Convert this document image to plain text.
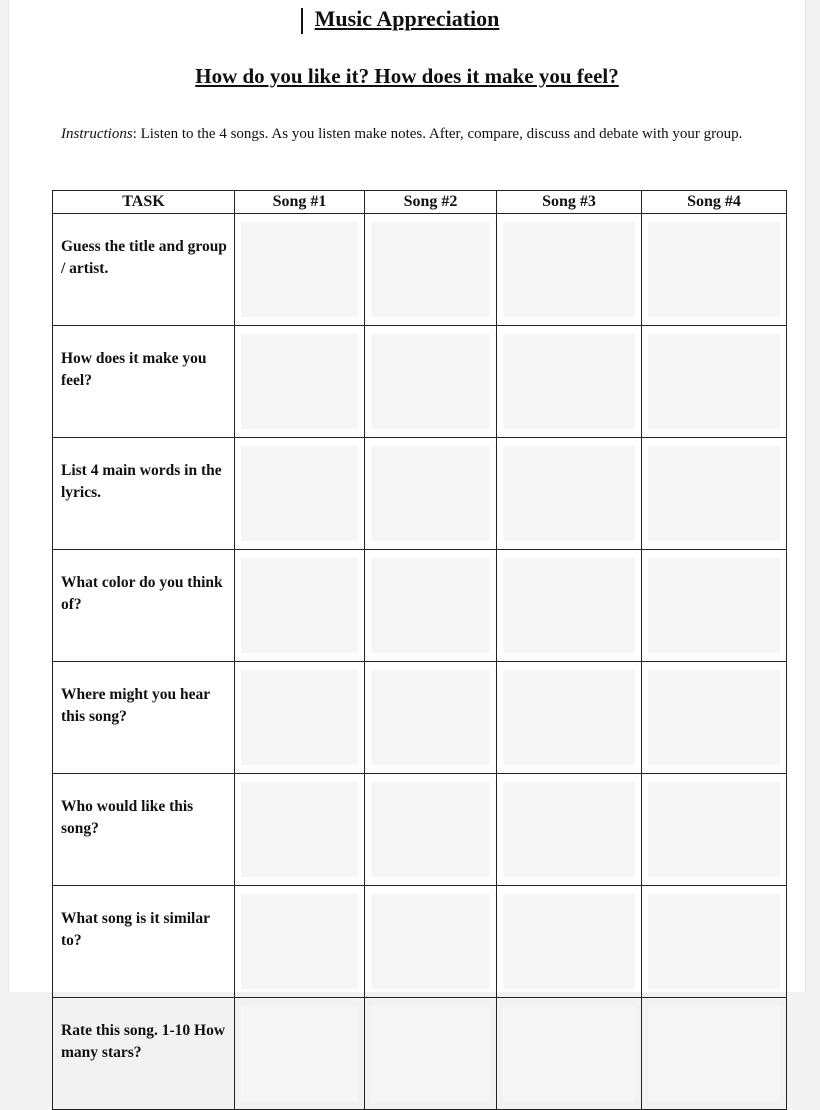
Music Appreciation
How do you like it? How does it make you feel?
Instructions: Listen to the 4 songs. As you listen make notes. After, compare, discuss and debate with your group.
TASK	Song #1	Song #2	Song #3	Song #4
Guess the title and group / artist.	

How does it make you feel?	

List 4 main words in the lyrics.	

What color do you think of?	

Where might you hear this song?	

Who would like this song?	

What song is it similar to?	

Rate this song. 1-10 How many stars?	
